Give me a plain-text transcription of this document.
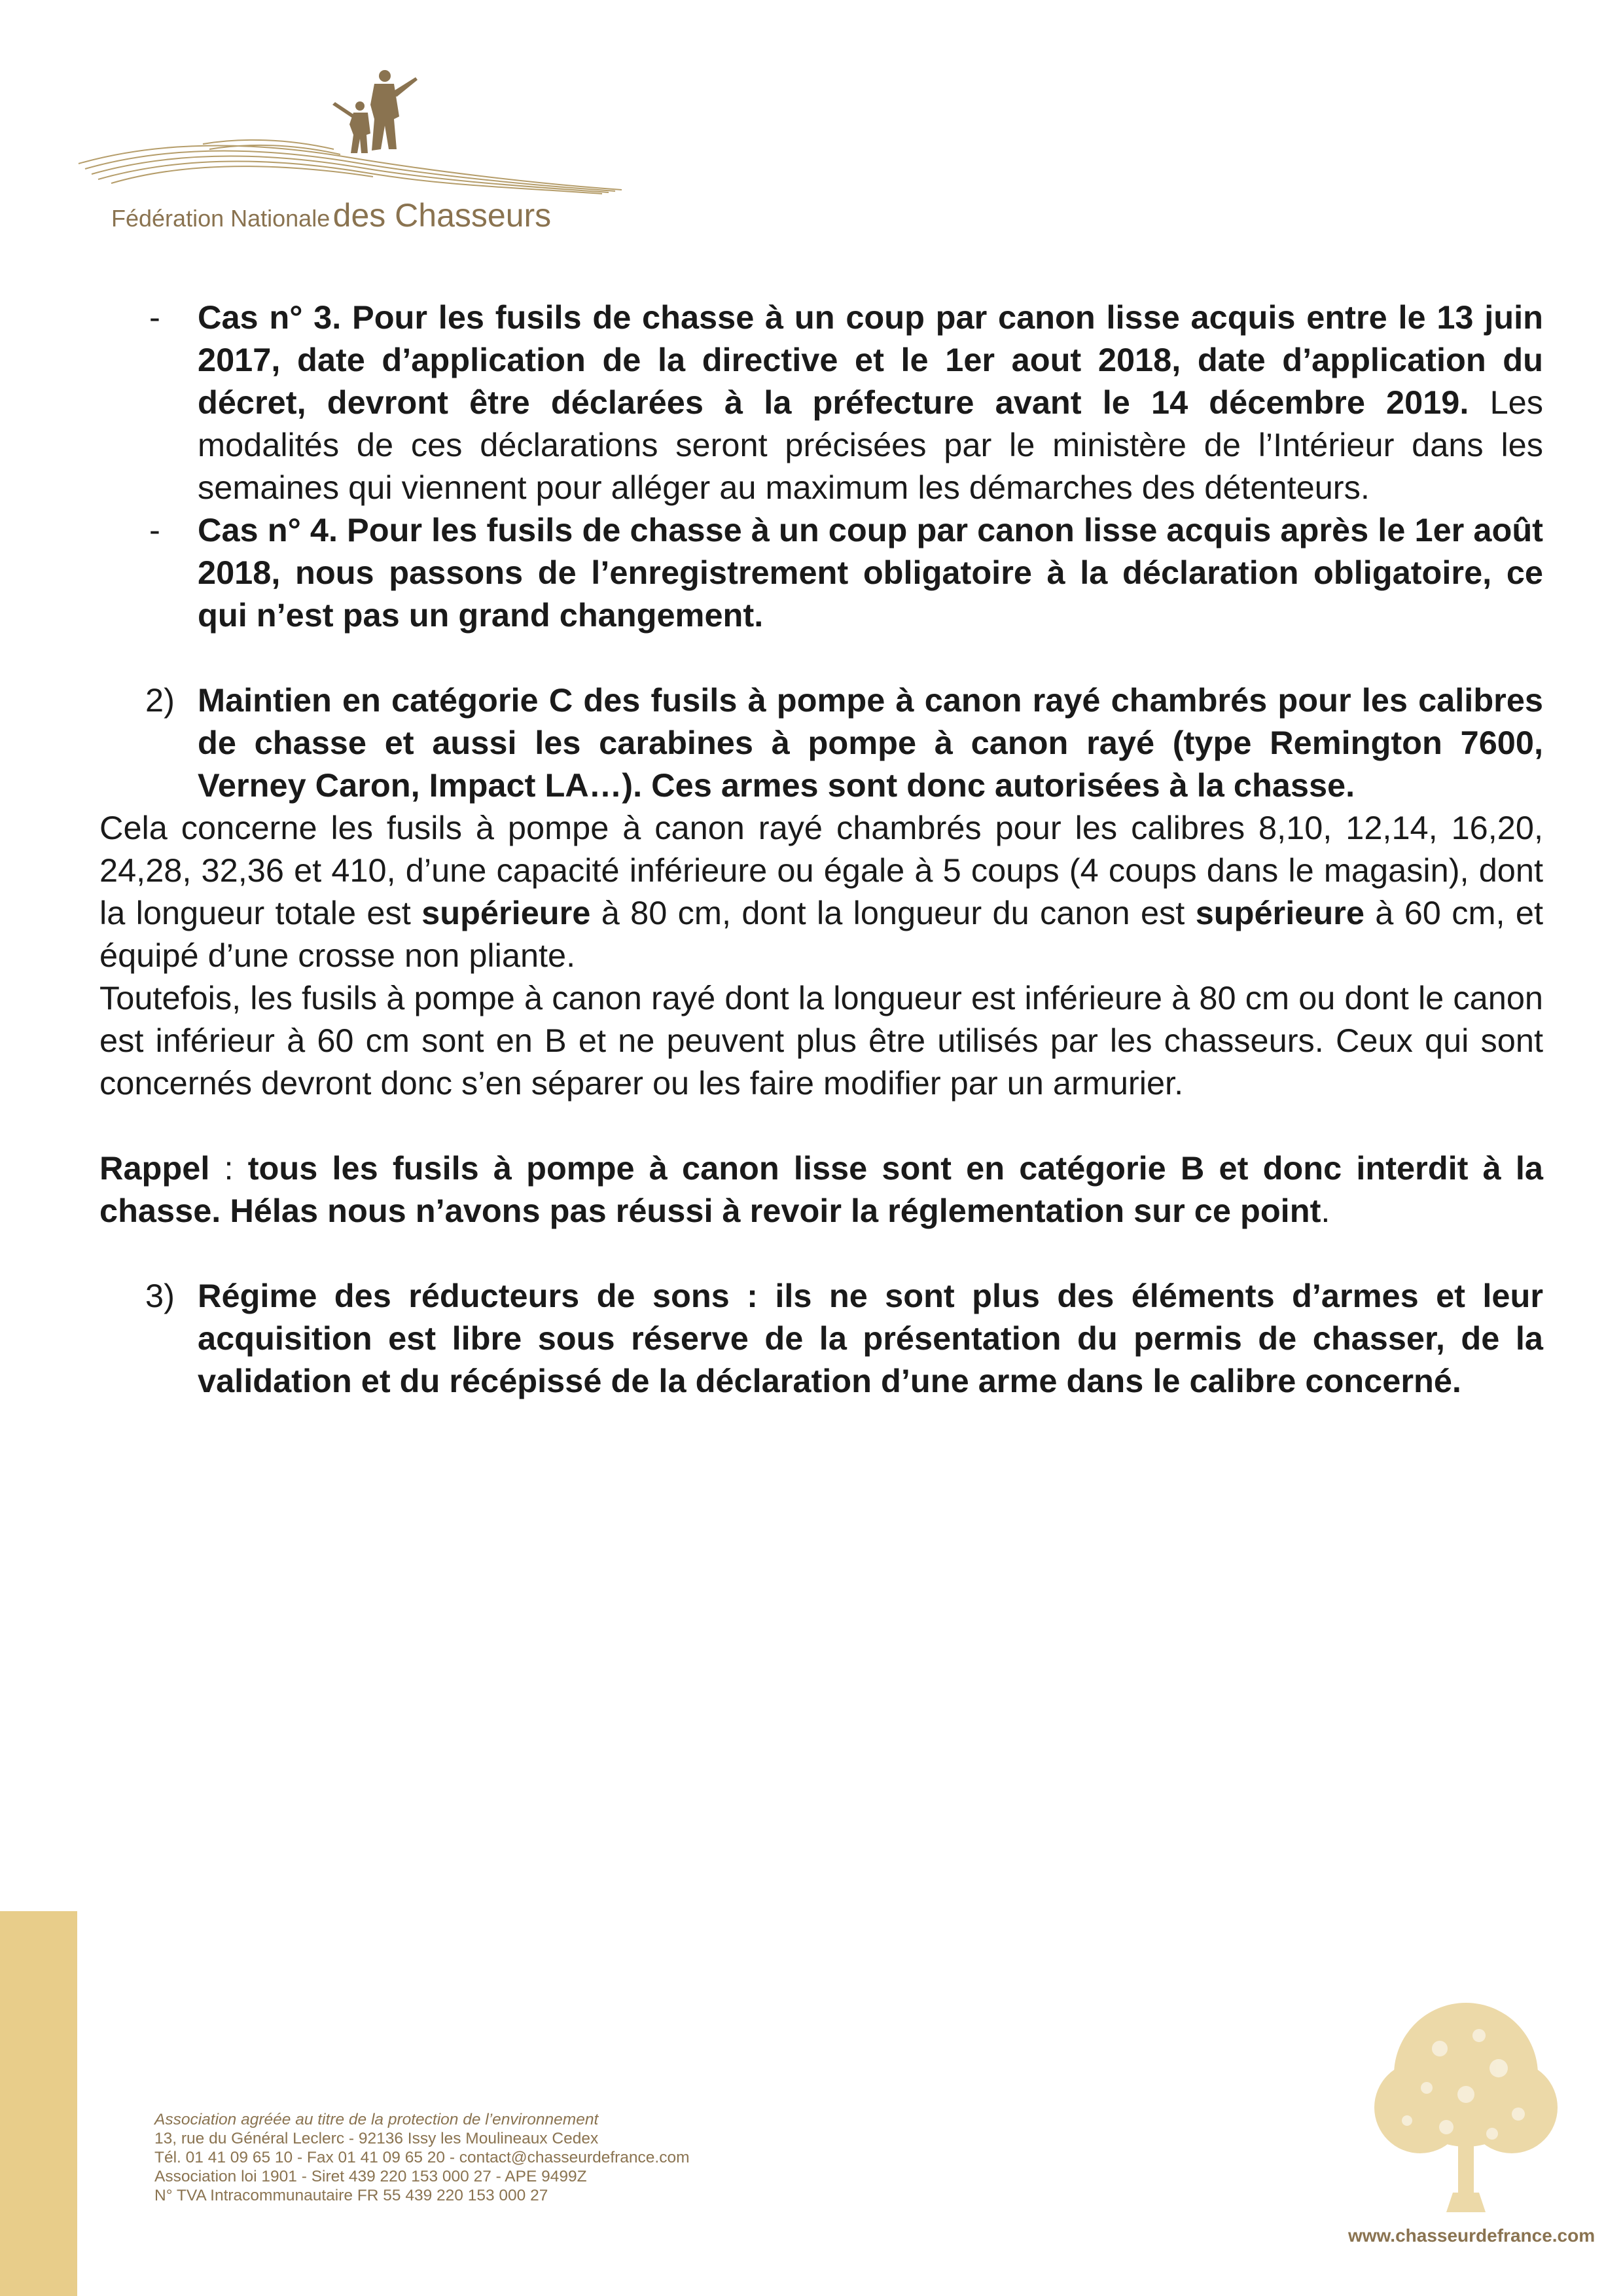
Fédération Nationale des Chasseurs

- Cas n° 3. Pour les fusils de chasse à un coup par canon lisse acquis entre le 13 juin 2017, date d’application de la directive et le 1er aout 2018, date d’application du décret, devront être déclarées à la préfecture avant le 14 décembre 2019. Les modalités de ces déclarations seront précisées par le ministère de l’Intérieur dans les semaines qui viennent pour alléger au maximum les démarches des détenteurs.

- Cas n° 4. Pour les fusils de chasse à un coup par canon lisse acquis après le 1er août 2018, nous passons de l’enregistrement obligatoire à la déclaration obligatoire, ce qui n’est pas un grand changement.

2) Maintien en catégorie C des fusils à pompe à canon rayé chambrés pour les calibres de chasse et aussi les carabines à pompe à canon rayé (type Remington 7600, Verney Caron, Impact LA…). Ces armes sont donc autorisées à la chasse.

Cela concerne les fusils à pompe à canon rayé chambrés pour les calibres 8,10, 12,14, 16,20, 24,28, 32,36 et 410, d’une capacité inférieure ou égale à 5 coups (4 coups dans le magasin), dont la longueur totale est supérieure à 80 cm, dont la longueur du canon est supérieure à 60 cm, et équipé d’une crosse non pliante.

Toutefois, les fusils à pompe à canon rayé dont la longueur est inférieure à 80 cm ou dont le canon est inférieur à 60 cm sont en B et ne peuvent plus être utilisés par les chasseurs. Ceux qui sont concernés devront donc s’en séparer ou les faire modifier par un armurier.

Rappel : tous les fusils à pompe à canon lisse sont en catégorie B et donc interdit à la chasse. Hélas nous n’avons pas réussi à revoir la réglementation sur ce point.

3) Régime des réducteurs de sons : ils ne sont plus des éléments d’armes et leur acquisition est libre sous réserve de la présentation du permis de chasser, de la validation et du récépissé de la déclaration d’une arme dans le calibre concerné.

Association agréée au titre de la protection de l’environnement
13, rue du Général Leclerc - 92136 Issy les Moulineaux Cedex
Tél. 01 41 09 65 10 - Fax 01 41 09 65 20 - contact@chasseurdefrance.com
Association loi 1901 - Siret 439 220 153 000 27 - APE 9499Z
N° TVA Intracommunautaire FR 55 439 220 153 000 27
www.chasseurdefrance.com
